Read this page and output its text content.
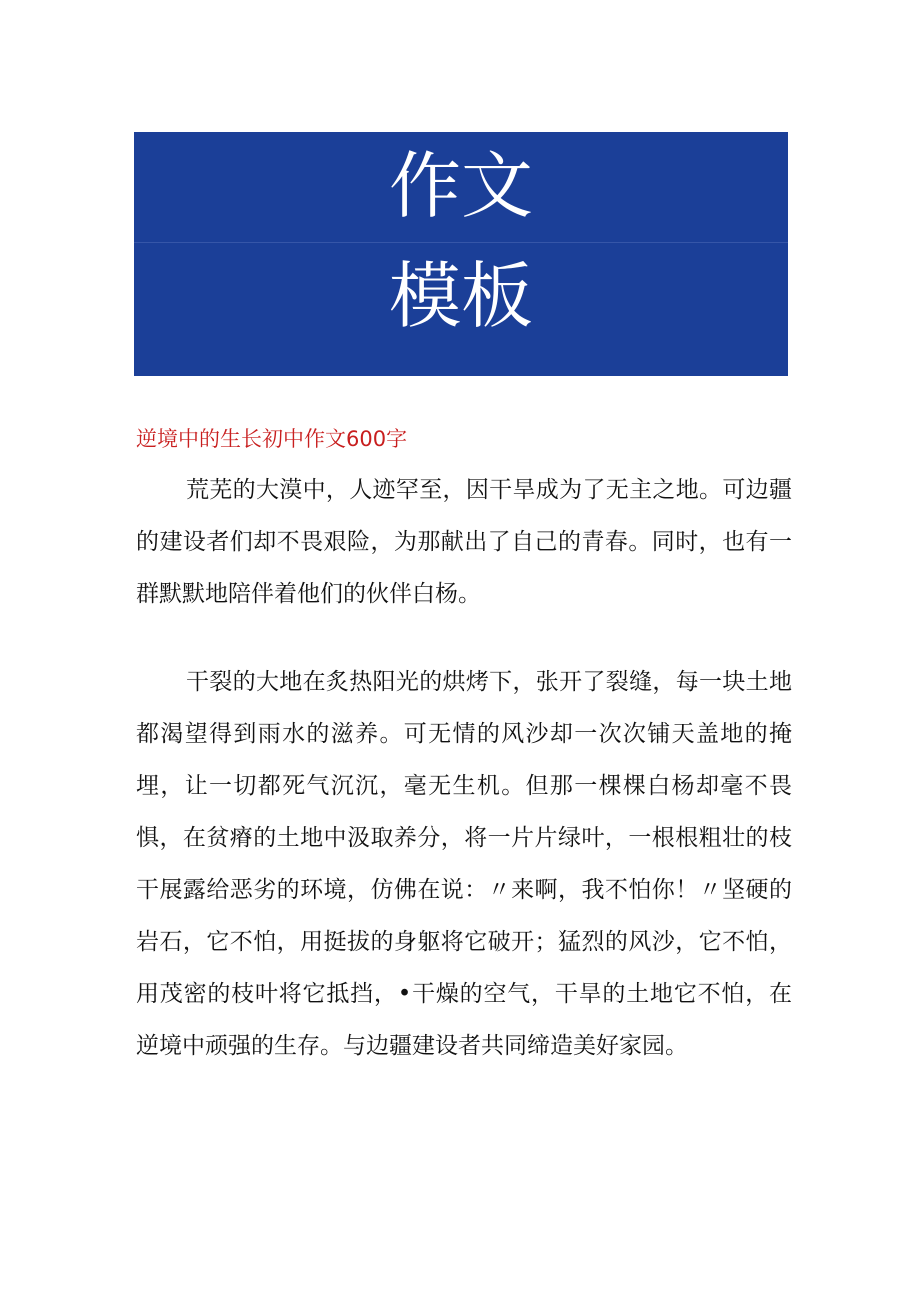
作文
模板
逆境中的生长初中作文600字

荒芜的大漠中，人迹罕至，因干旱成为了无主之地。可边疆的建设者们却不畏艰险，为那献出了自己的青春。同时，也有一群默默地陪伴着他们的伙伴白杨。

干裂的大地在炙热阳光的烘烤下，张开了裂缝，每一块土地都渴望得到雨水的滋养。可无情的风沙却一次次铺天盖地的掩埋，让一切都死气沉沉，毫无生机。但那一棵棵白杨却毫不畏惧，在贫瘠的土地中汲取养分，将一片片绿叶，一根根粗壮的枝干展露给恶劣的环境，仿佛在说：〃来啊，我不怕你！〃坚硬的岩石，它不怕，用挺拔的身躯将它破开；猛烈的风沙，它不怕，用茂密的枝叶将它抵挡，•干燥的空气，干旱的土地它不怕，在逆境中顽强的生存。与边疆建设者共同缔造美好家园。
